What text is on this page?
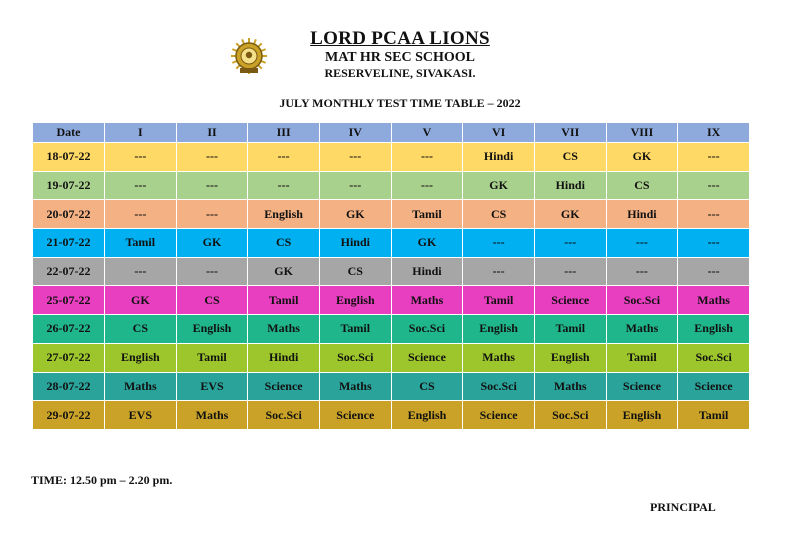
LORD PCAA LIONS
MAT HR SEC SCHOOL
RESERVELINE, SIVAKASI.
JULY MONTHLY TEST TIME TABLE – 2022
Date	I	II	III	IV	V	VI	VII	VIII	IX
18-07-22	---	---	---	---	---	Hindi	CS	GK	---
19-07-22	---	---	---	---	---	GK	Hindi	CS	---
20-07-22	---	---	English	GK	Tamil	CS	GK	Hindi	---
21-07-22	Tamil	GK	CS	Hindi	GK	---	---	---	---
22-07-22	---	---	GK	CS	Hindi	---	---	---	---
25-07-22	GK	CS	Tamil	English	Maths	Tamil	Science	Soc.Sci	Maths
26-07-22	CS	English	Maths	Tamil	Soc.Sci	English	Tamil	Maths	English
27-07-22	English	Tamil	Hindi	Soc.Sci	Science	Maths	English	Tamil	Soc.Sci
28-07-22	Maths	EVS	Science	Maths	CS	Soc.Sci	Maths	Science	Science
29-07-22	EVS	Maths	Soc.Sci	Science	English	Science	Soc.Sci	English	Tamil
TIME: 12.50 pm – 2.20 pm.
PRINCIPAL
